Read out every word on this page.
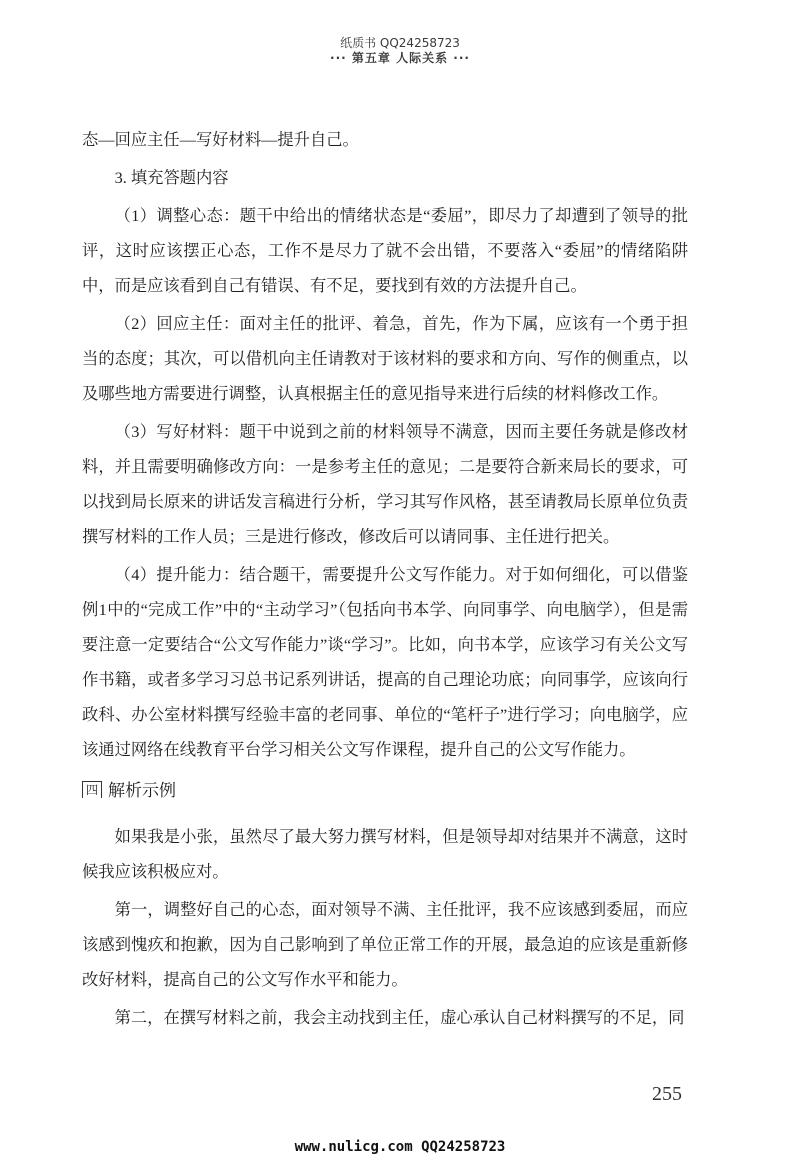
纸质书 QQ24258723
··· 第五章 人际关系 ···

态—回应主任—写好材料—提升自己。

3. 填充答题内容

（1）调整心态：题干中给出的情绪状态是“委屈”，即尽力了却遭到了领导的批评，这时应该摆正心态，工作不是尽力了就不会出错，不要落入“委屈”的情绪陷阱中，而是应该看到自己有错误、有不足，要找到有效的方法提升自己。

（2）回应主任：面对主任的批评、着急，首先，作为下属，应该有一个勇于担当的态度；其次，可以借机向主任请教对于该材料的要求和方向、写作的侧重点，以及哪些地方需要进行调整，认真根据主任的意见指导来进行后续的材料修改工作。

（3）写好材料：题干中说到之前的材料领导不满意，因而主要任务就是修改材料，并且需要明确修改方向：一是参考主任的意见；二是要符合新来局长的要求，可以找到局长原来的讲话发言稿进行分析，学习其写作风格，甚至请教局长原单位负责撰写材料的工作人员；三是进行修改，修改后可以请同事、主任进行把关。

（4）提升能力：结合题干，需要提升公文写作能力。对于如何细化，可以借鉴例1中的“完成工作”中的“主动学习”（包括向书本学、向同事学、向电脑学），但是需要注意一定要结合“公文写作能力”谈“学习”。比如，向书本学，应该学习有关公文写作书籍，或者多学习习总书记系列讲话，提高的自己理论功底；向同事学，应该向行政科、办公室材料撰写经验丰富的老同事、单位的“笔杆子”进行学习；向电脑学，应该通过网络在线教育平台学习相关公文写作课程，提升自己的公文写作能力。

四 解析示例

如果我是小张，虽然尽了最大努力撰写材料，但是领导却对结果并不满意，这时候我应该积极应对。

第一，调整好自己的心态，面对领导不满、主任批评，我不应该感到委屈，而应该感到愧疚和抱歉，因为自己影响到了单位正常工作的开展，最急迫的应该是重新修改好材料，提高自己的公文写作水平和能力。

第二，在撰写材料之前，我会主动找到主任，虚心承认自己材料撰写的不足，同

255
www.nulicg.com QQ24258723
